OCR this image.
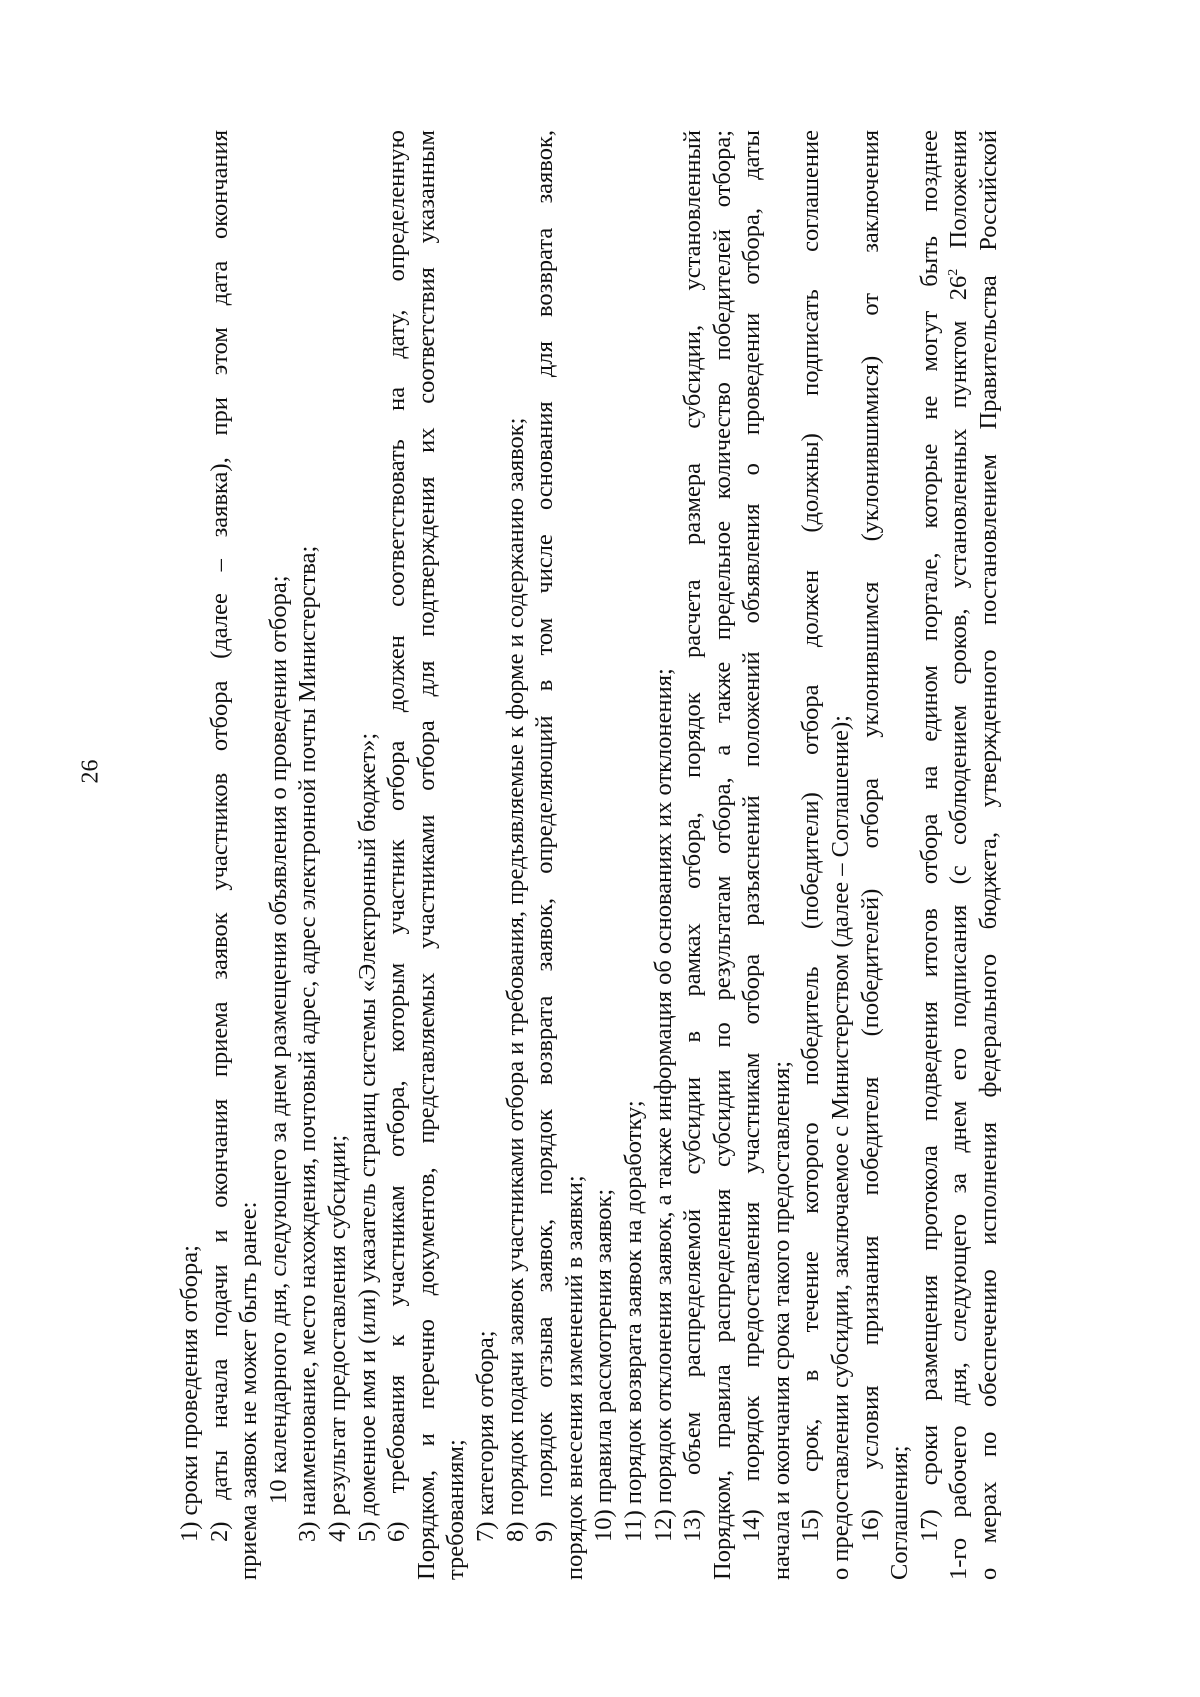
26
1) сроки проведения отбора; 2) даты начала подачи и окончания приема заявок участников отбора (далее – заявка), при этом дата окончания приема заявок не может быть ранее: 10 календарного дня, следующего за днем размещения объявления о проведении отбора; 3) наименование, место нахождения, почтовый адрес, адрес электронной почты Министерства; 4) результат предоставления субсидии; 5) доменное имя и (или) указатель страниц системы «Электронный бюджет»; 6) требования к участникам отбора, которым участник отбора должен соответствовать на дату, определенную Порядком, и перечню документов, представляемых участниками отбора для подтверждения их соответствия указанным требованиям; 7) категория отбора; 8) порядок подачи заявок участниками отбора и требования, предъявляемые к форме и содержанию заявок; 9) порядок отзыва заявок, порядок возврата заявок, определяющий в том числе основания для возврата заявок, порядок внесения изменений в заявки; 10) правила рассмотрения заявок; 11) порядок возврата заявок на доработку; 12) порядок отклонения заявок, а также информация об основаниях их отклонения; 13) объем распределяемой субсидии в рамках отбора, порядок расчета размера субсидии, установленный Порядком, правила распределения субсидии по результатам отбора, а также предельное количество победителей отбора; 14) порядок предоставления участникам отбора разъяснений положений объявления о проведении отбора, даты начала и окончания срока такого предоставления; 15) срок, в течение которого победитель (победители) отбора должен (должны) подписать соглашение о предоставлении субсидии, заключаемое с Министерством (далее – Соглашение); 16) условия признания победителя (победителей) отбора уклонившимся (уклонившимися) от заключения Соглашения; 17) сроки размещения протокола подведения итогов отбора на едином портале, которые не могут быть позднее 1-го рабочего дня, следующего за днем его подписания (с соблюдением сроков, установленных пунктом $26^2$ Положения о мерах по обеспечению исполнения федерального бюджета, утвержденного постановлением Правительства Российской
